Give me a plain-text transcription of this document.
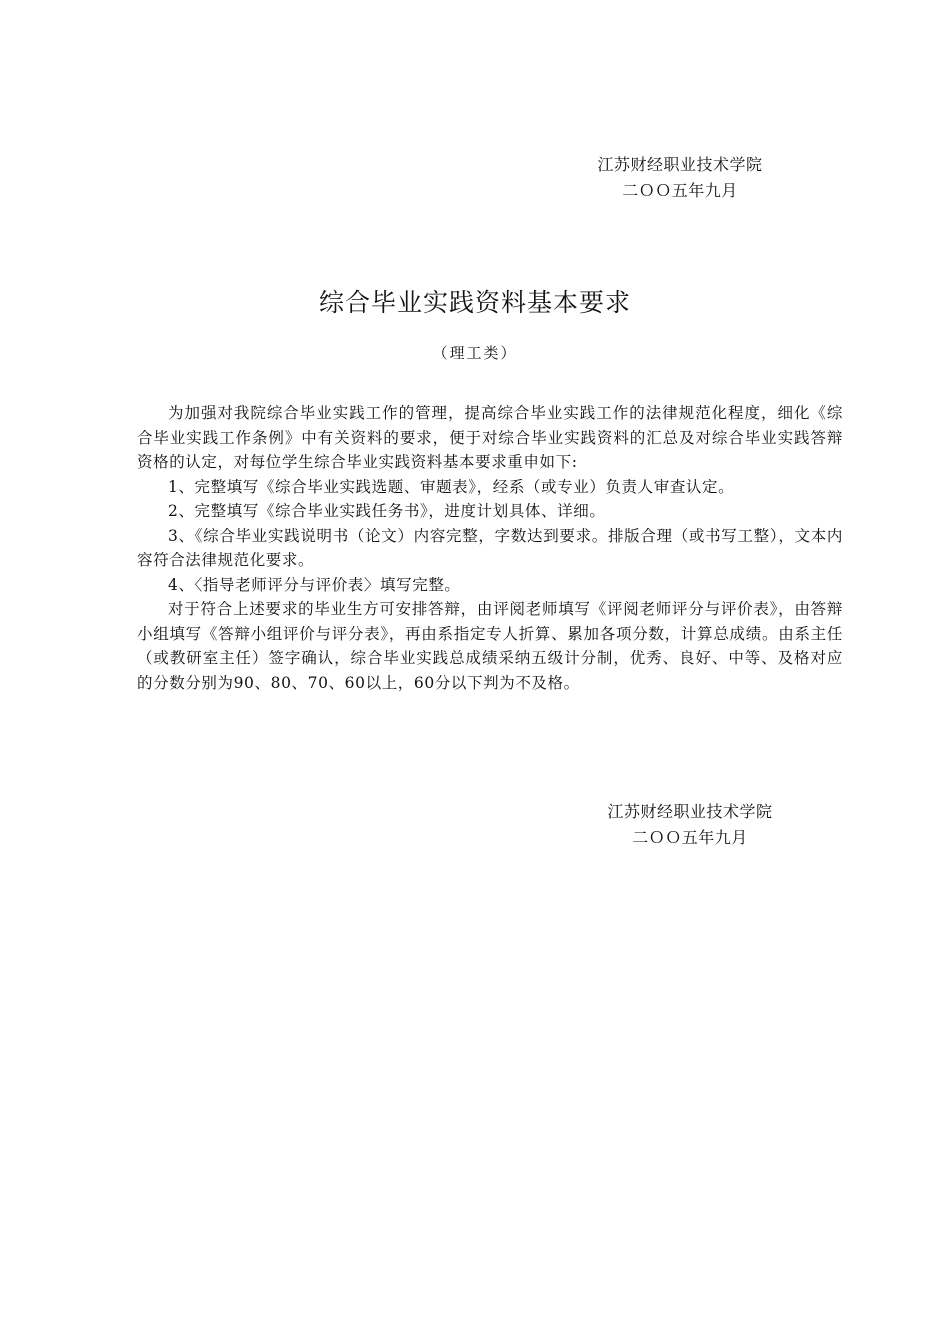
江苏财经职业技术学院
二ＯＯ五年九月
综合毕业实践资料基本要求
（理工类）

为加强对我院综合毕业实践工作的管理，提高综合毕业实践工作的法律规范化程度，细化《综合毕业实践工作条例》中有关资料的要求，便于对综合毕业实践资料的汇总及对综合毕业实践答辩资格的认定，对每位学生综合毕业实践资料基本要求重申如下:

1、完整填写《综合毕业实践选题、审题表》，经系（或专业）负责人审查认定。

2、完整填写《综合毕业实践任务书》，进度计划具体、详细。

3、《综合毕业实践说明书（论文）内容完整，字数达到要求。排版合理（或书写工整），文本内容符合法律规范化要求。

4、〈指导老师评分与评价表〉填写完整。

对于符合上述要求的毕业生方可安排答辩，由评阅老师填写《评阅老师评分与评价表》，由答辩小组填写《答辩小组评价与评分表》，再由系指定专人折算、累加各项分数，计算总成绩。由系主任（或教研室主任）签字确认，综合毕业实践总成绩采纳五级计分制，优秀、良好、中等、及格对应的分数分别为90、80、70、60以上，60分以下判为不及格。

江苏财经职业技术学院
二ＯＯ五年九月
